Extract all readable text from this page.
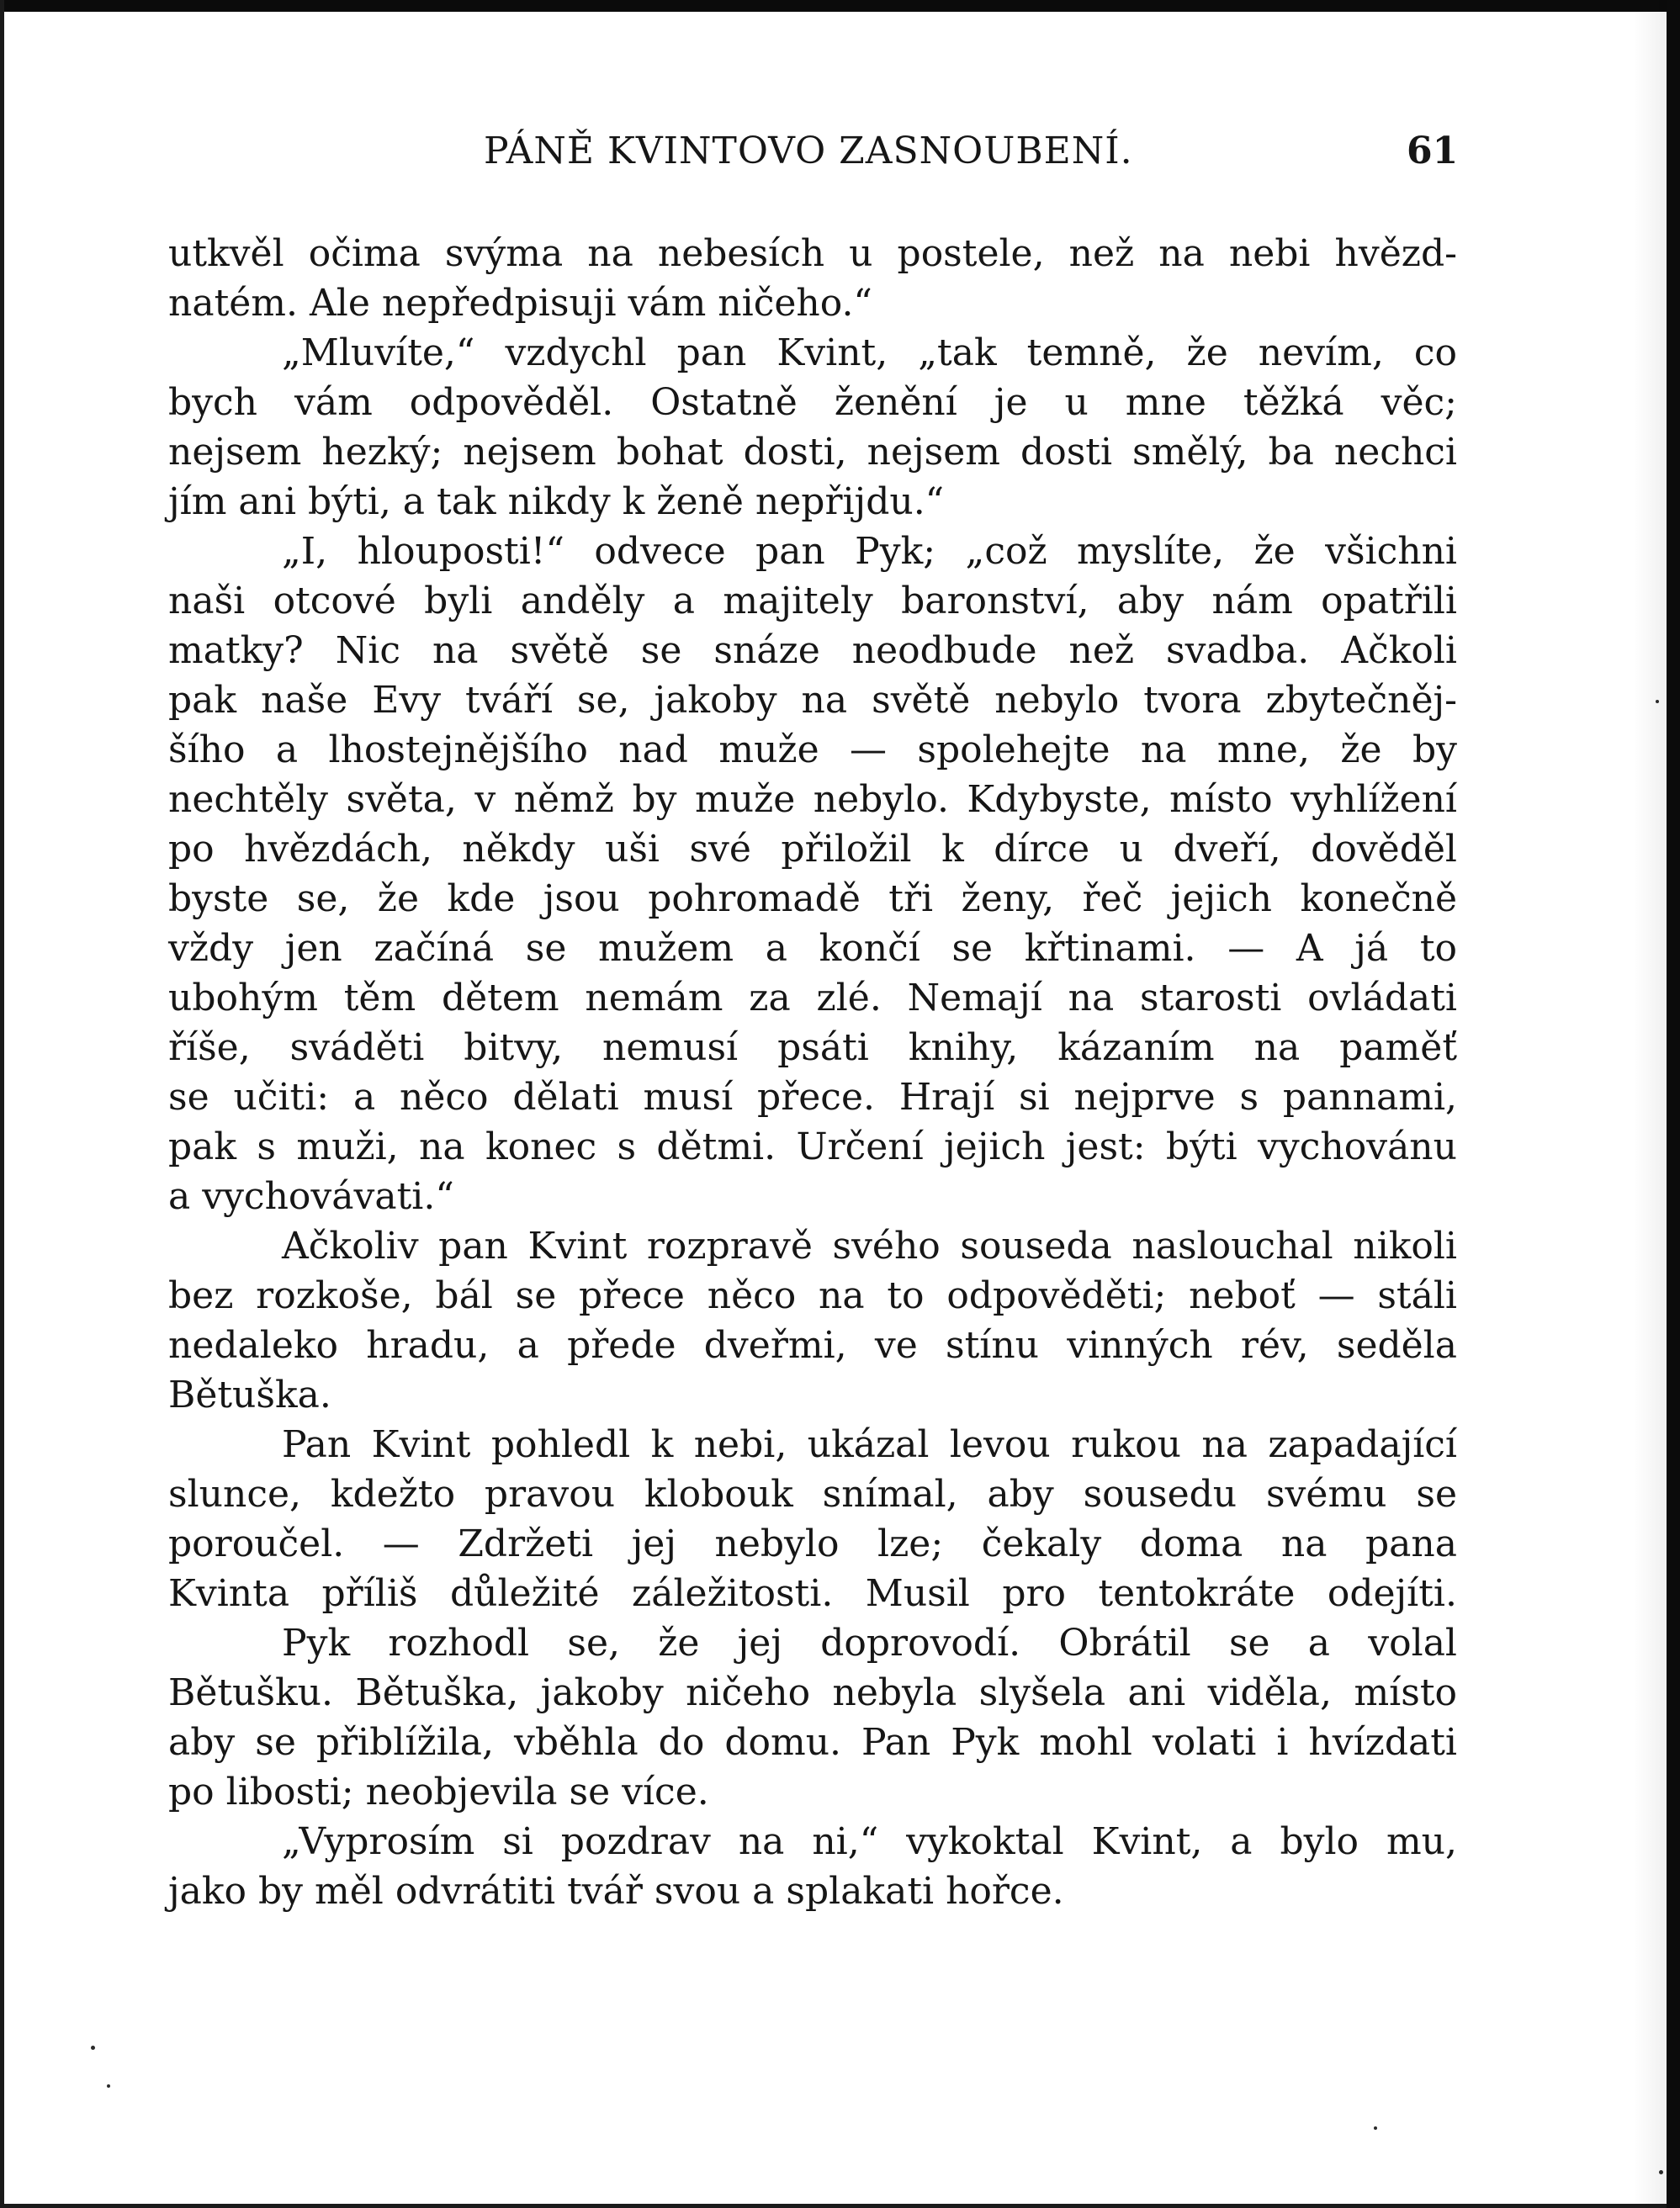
PÁNĚ KVINTOVO ZASNOUBENÍ.	61
utkvěl očima svýma na nebesích u postele, než na nebi hvězd-
natém. Ale nepředpisuji vám ničeho.“
„Mluvíte,“ vzdychl pan Kvint, „tak temně, že nevím, co
bych vám odpověděl. Ostatně ženění je u mne těžká věc;
nejsem hezký; nejsem bohat dosti, nejsem dosti smělý, ba nechci
jím ani býti, a tak nikdy k ženě nepřijdu.“
„I, hlouposti!“ odvece pan Pyk; „což myslíte, že všichni
naši otcové byli anděly a majitely baronství, aby nám opatřili
matky? Nic na světě se snáze neodbude než svadba. Ačkoli
pak naše Evy tváří se, jakoby na světě nebylo tvora zbytečněj-
šího a lhostejnějšího nad muže — spolehejte na mne, že by
nechtěly světa, v němž by muže nebylo. Kdybyste, místo vyhlížení
po hvězdách, někdy uši své přiložil k dírce u dveří, dověděl
byste se, že kde jsou pohromadě tři ženy, řeč jejich konečně
vždy jen začíná se mužem a končí se křtinami. — A já to
ubohým těm dětem nemám za zlé. Nemají na starosti ovládati
říše, sváděti bitvy, nemusí psáti knihy, kázaním na paměť
se učiti: a něco dělati musí přece. Hrají si nejprve s pannami,
pak s muži, na konec s dětmi. Určení jejich jest: býti vychovánu
a vychovávati.“
Ačkoliv pan Kvint rozpravě svého souseda naslouchal nikoli
bez rozkoše, bál se přece něco na to odpověděti; neboť — stáli
nedaleko hradu, a přede dveřmi, ve stínu vinných rév, seděla
Bětuška.
Pan Kvint pohledl k nebi, ukázal levou rukou na zapadající
slunce, kdežto pravou klobouk snímal, aby sousedu svému se
poroučel. — Zdržeti jej nebylo lze; čekaly doma na pana
Kvinta příliš důležité záležitosti. Musil pro tentokráte odejíti.
Pyk rozhodl se, že jej doprovodí. Obrátil se a volal
Bětušku. Bětuška, jakoby ničeho nebyla slyšela ani viděla, místo
aby se přiblížila, vběhla do domu. Pan Pyk mohl volati i hvízdati
po libosti; neobjevila se více.
„Vyprosím si pozdrav na ni,“ vykoktal Kvint, a bylo mu,
jako by měl odvrátiti tvář svou a splakati hořce.
